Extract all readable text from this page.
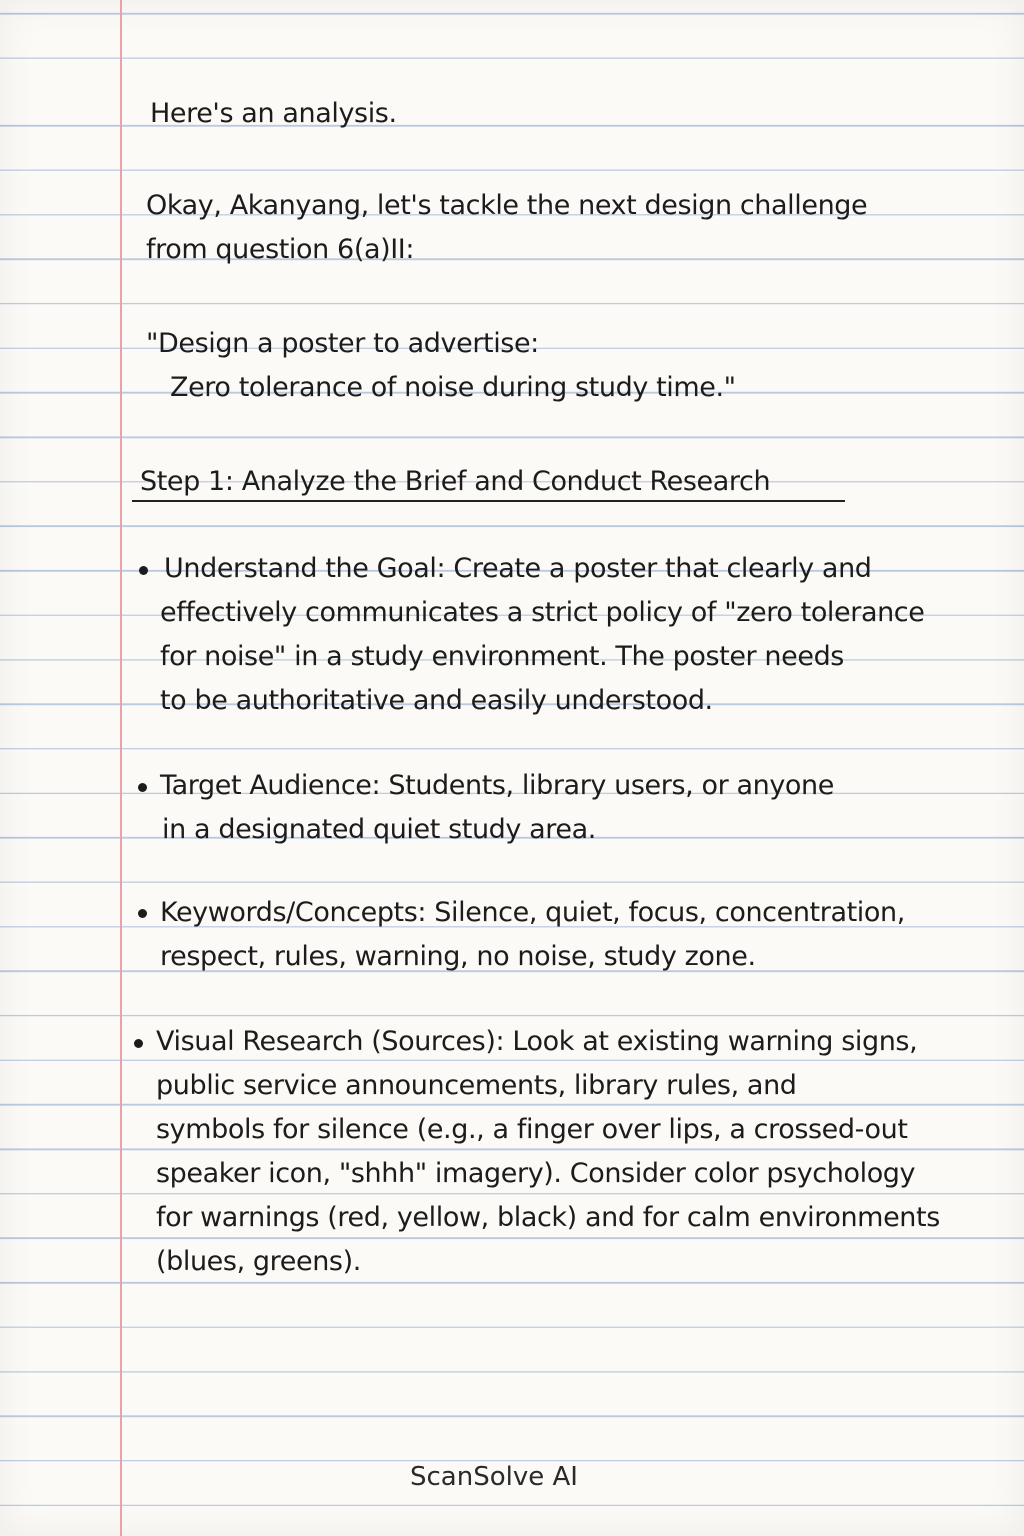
Here's an analysis.

Okay, Akanyang, let's tackle the next design challenge

from question 6(a)II:

"Design a poster to advertise:

Zero tolerance of noise during study time."

Step 1: Analyze the Brief and Conduct Research

Understand the Goal: Create a poster that clearly and

effectively communicates a strict policy of "zero tolerance

for noise" in a study environment. The poster needs

to be authoritative and easily understood.

Target Audience: Students, library users, or anyone

in a designated quiet study area.

Keywords/Concepts: Silence, quiet, focus, concentration,

respect, rules, warning, no noise, study zone.

Visual Research (Sources): Look at existing warning signs,

public service announcements, library rules, and

symbols for silence (e.g., a finger over lips, a crossed-out

speaker icon, "shhh" imagery). Consider color psychology

for warnings (red, yellow, black) and for calm environments

(blues, greens).

ScanSolve AI
